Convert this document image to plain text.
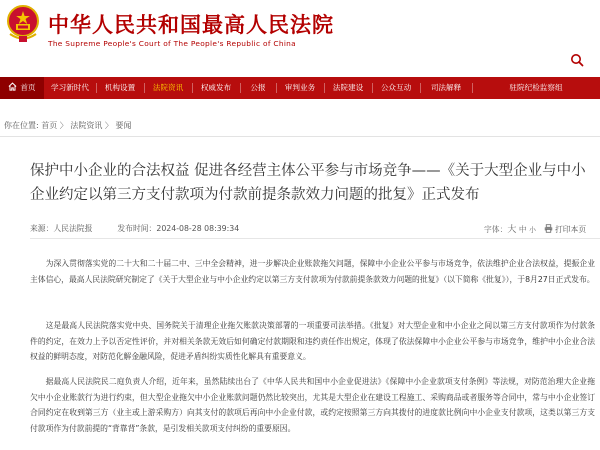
中华人民共和国最高人民法院
The Supreme People's Court of The People's Republic of China
首页	学习新时代	机构设置	法院资讯	权威发布	公报	审判业务	法院建设	公众互动	司法解释	驻院纪检监察组
你在位置: 首页 〉 法院资讯 〉 要闻
保护中小企业的合法权益 促进各经营主体公平参与市场竞争——《关于大型企业与中小企业约定以第三方支付款项为付款前提条款效力问题的批复》正式发布
来源：人民法院报	发布时间：2024-08-28 08:39:34	字体：大 中 小 打印本页

为深入贯彻落实党的二十大和二十届二中、三中全会精神，进一步解决企业账款拖欠问题，保障中小企业公平参与市场竞争，依法维护企业合法权益，提振企业主体信心，最高人民法院研究制定了《关于大型企业与中小企业约定以第三方支付款项为付款前提条款效力问题的批复》（以下简称《批复》），于8月27日正式发布。

这是最高人民法院落实党中央、国务院关于清理企业拖欠账款决策部署的一项重要司法举措。《批复》对大型企业和中小企业之间以第三方支付款项作为付款条件的约定，在效力上予以否定性评价，并对相关条款无效后如何确定付款期限和违约责任作出规定，体现了依法保障中小企业公平参与市场竞争，维护中小企业合法权益的鲜明态度，对防范化解金融风险，促进矛盾纠纷实质性化解具有重要意义。

据最高人民法院民二庭负责人介绍，近年来，虽然陆续出台了《中华人民共和国中小企业促进法》《保障中小企业款项支付条例》等法规，对防范治理大企业拖欠中小企业账款行为进行约束，但大型企业拖欠中小企业账款问题仍然比较突出，尤其是大型企业在建设工程施工、采购商品或者服务等合同中，常与中小企业签订合同约定在收到第三方（业主或上游采购方）向其支付的款项后再向中小企业付款，或约定按照第三方向其拨付的进度款比例向中小企业支付款项，这类以第三方支付款项作为付款前提的“背靠背”条款，是引发相关款项支付纠纷的重要原因。
